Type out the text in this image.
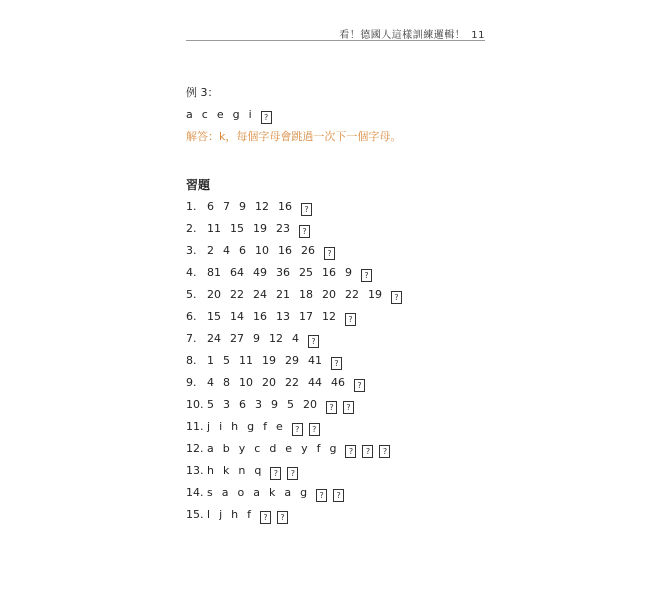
看！德國人這樣訓練邏輯！ 11
例 3：
a c e g i ?
解答：k，每個字母會跳過一次下一個字母。
習題
1. 6 7 9 12 16 ?
2. 11 15 19 23 ?
3. 2 4 6 10 16 26 ?
4. 81 64 49 36 25 16 9 ?
5. 20 22 24 21 18 20 22 19 ?
6. 15 14 16 13 17 12 ?
7. 24 27 9 12 4 ?
8. 1 5 11 19 29 41 ?
9. 4 8 10 20 22 44 46 ?
10. 5 3 6 3 9 5 20 ? ?
11. j i h g f e ? ?
12. a b y c d e y f g ? ? ?
13. h k n q ? ?
14. s a o a k a g ? ?
15. l j h f ? ?
